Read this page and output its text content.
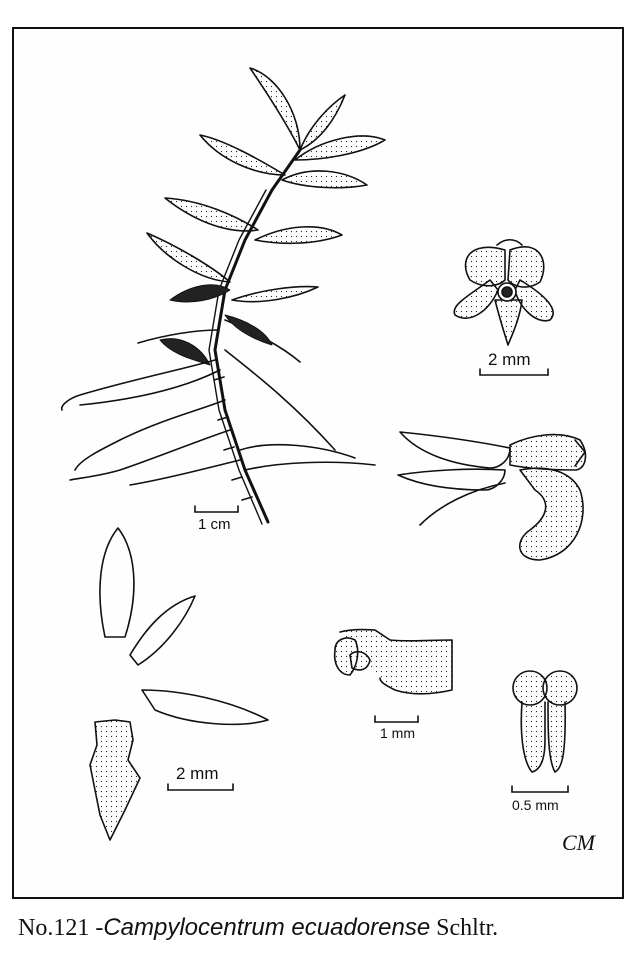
1 cm
2 mm
2 mm
1 mm
0.5 mm
CM
No.121 -Campylocentrum ecuadorense Schltr.
